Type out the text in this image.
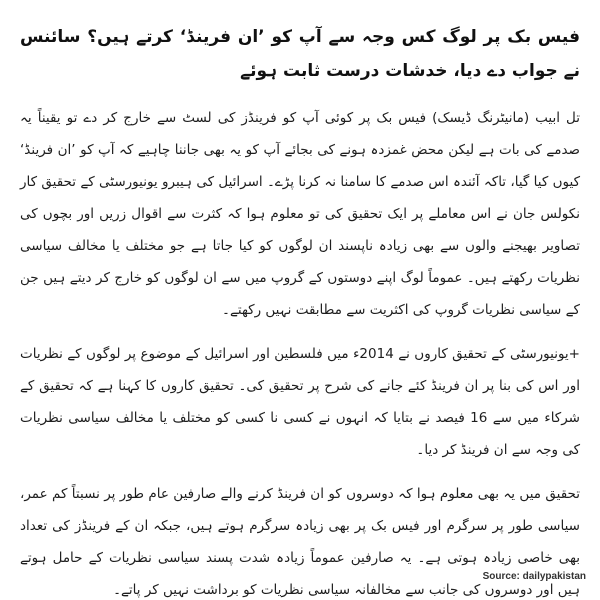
فیس بک پر لوگ کس وجہ سے آپ کو ’ان فرینڈ‘ کرتے ہیں؟ سائنس نے جواب دے دیا، خدشات درست ثابت ہوئے

تل ابیب (مانیٹرنگ ڈیسک) فیس بک پر کوئی آپ کو فرینڈز کی لسٹ سے خارج کر دے تو یقیناً یہ صدمے کی بات ہے لیکن محض غمزدہ ہونے کی بجائے آپ کو یہ بھی جاننا چاہیے کہ آپ کو ’ان فرینڈ‘ کیوں کیا گیا، تاکہ آئندہ اس صدمے کا سامنا نہ کرنا پڑے۔ اسرائیل کی ہیبرو یونیورسٹی کے تحقیق کار نکولس جان نے اس معاملے پر ایک تحقیق کی تو معلوم ہوا کہ کثرت سے اقوال زریں اور بچوں کی تصاویر بھیجنے والوں سے بھی زیادہ ناپسند ان لوگوں کو کیا جاتا ہے جو مختلف یا مخالف سیاسی نظریات رکھتے ہیں۔ عموماً لوگ اپنے دوستوں کے گروپ میں سے ان لوگوں کو خارج کر دیتے ہیں جن کے سیاسی نظریات گروپ کی اکثریت سے مطابقت نہیں رکھتے۔

+یونیورسٹی کے تحقیق کاروں نے 2014ء میں فلسطین اور اسرائیل کے موضوع پر لوگوں کے نظریات اور اس کی بنا پر ان فرینڈ کئے جانے کی شرح پر تحقیق کی۔ تحقیق کاروں کا کہنا ہے کہ تحقیق کے شرکاء میں سے 16 فیصد نے بتایا کہ انہوں نے کسی نا کسی کو مختلف یا مخالف سیاسی نظریات کی وجہ سے ان فرینڈ کر دیا۔

تحقیق میں یہ بھی معلوم ہوا کہ دوسروں کو ان فرینڈ کرنے والے صارفین عام طور پر نسبتاً کم عمر، سیاسی طور پر سرگرم اور فیس بک پر بھی زیادہ سرگرم ہوتے ہیں، جبکہ ان کے فرینڈز کی تعداد بھی خاصی زیادہ ہوتی ہے۔ یہ صارفین عموماً زیادہ شدت پسند سیاسی نظریات کے حامل ہوتے ہیں اور دوسروں کی جانب سے مخالفانہ سیاسی نظریات کو برداشت نہیں کر پاتے۔

Source: dailypakistan
